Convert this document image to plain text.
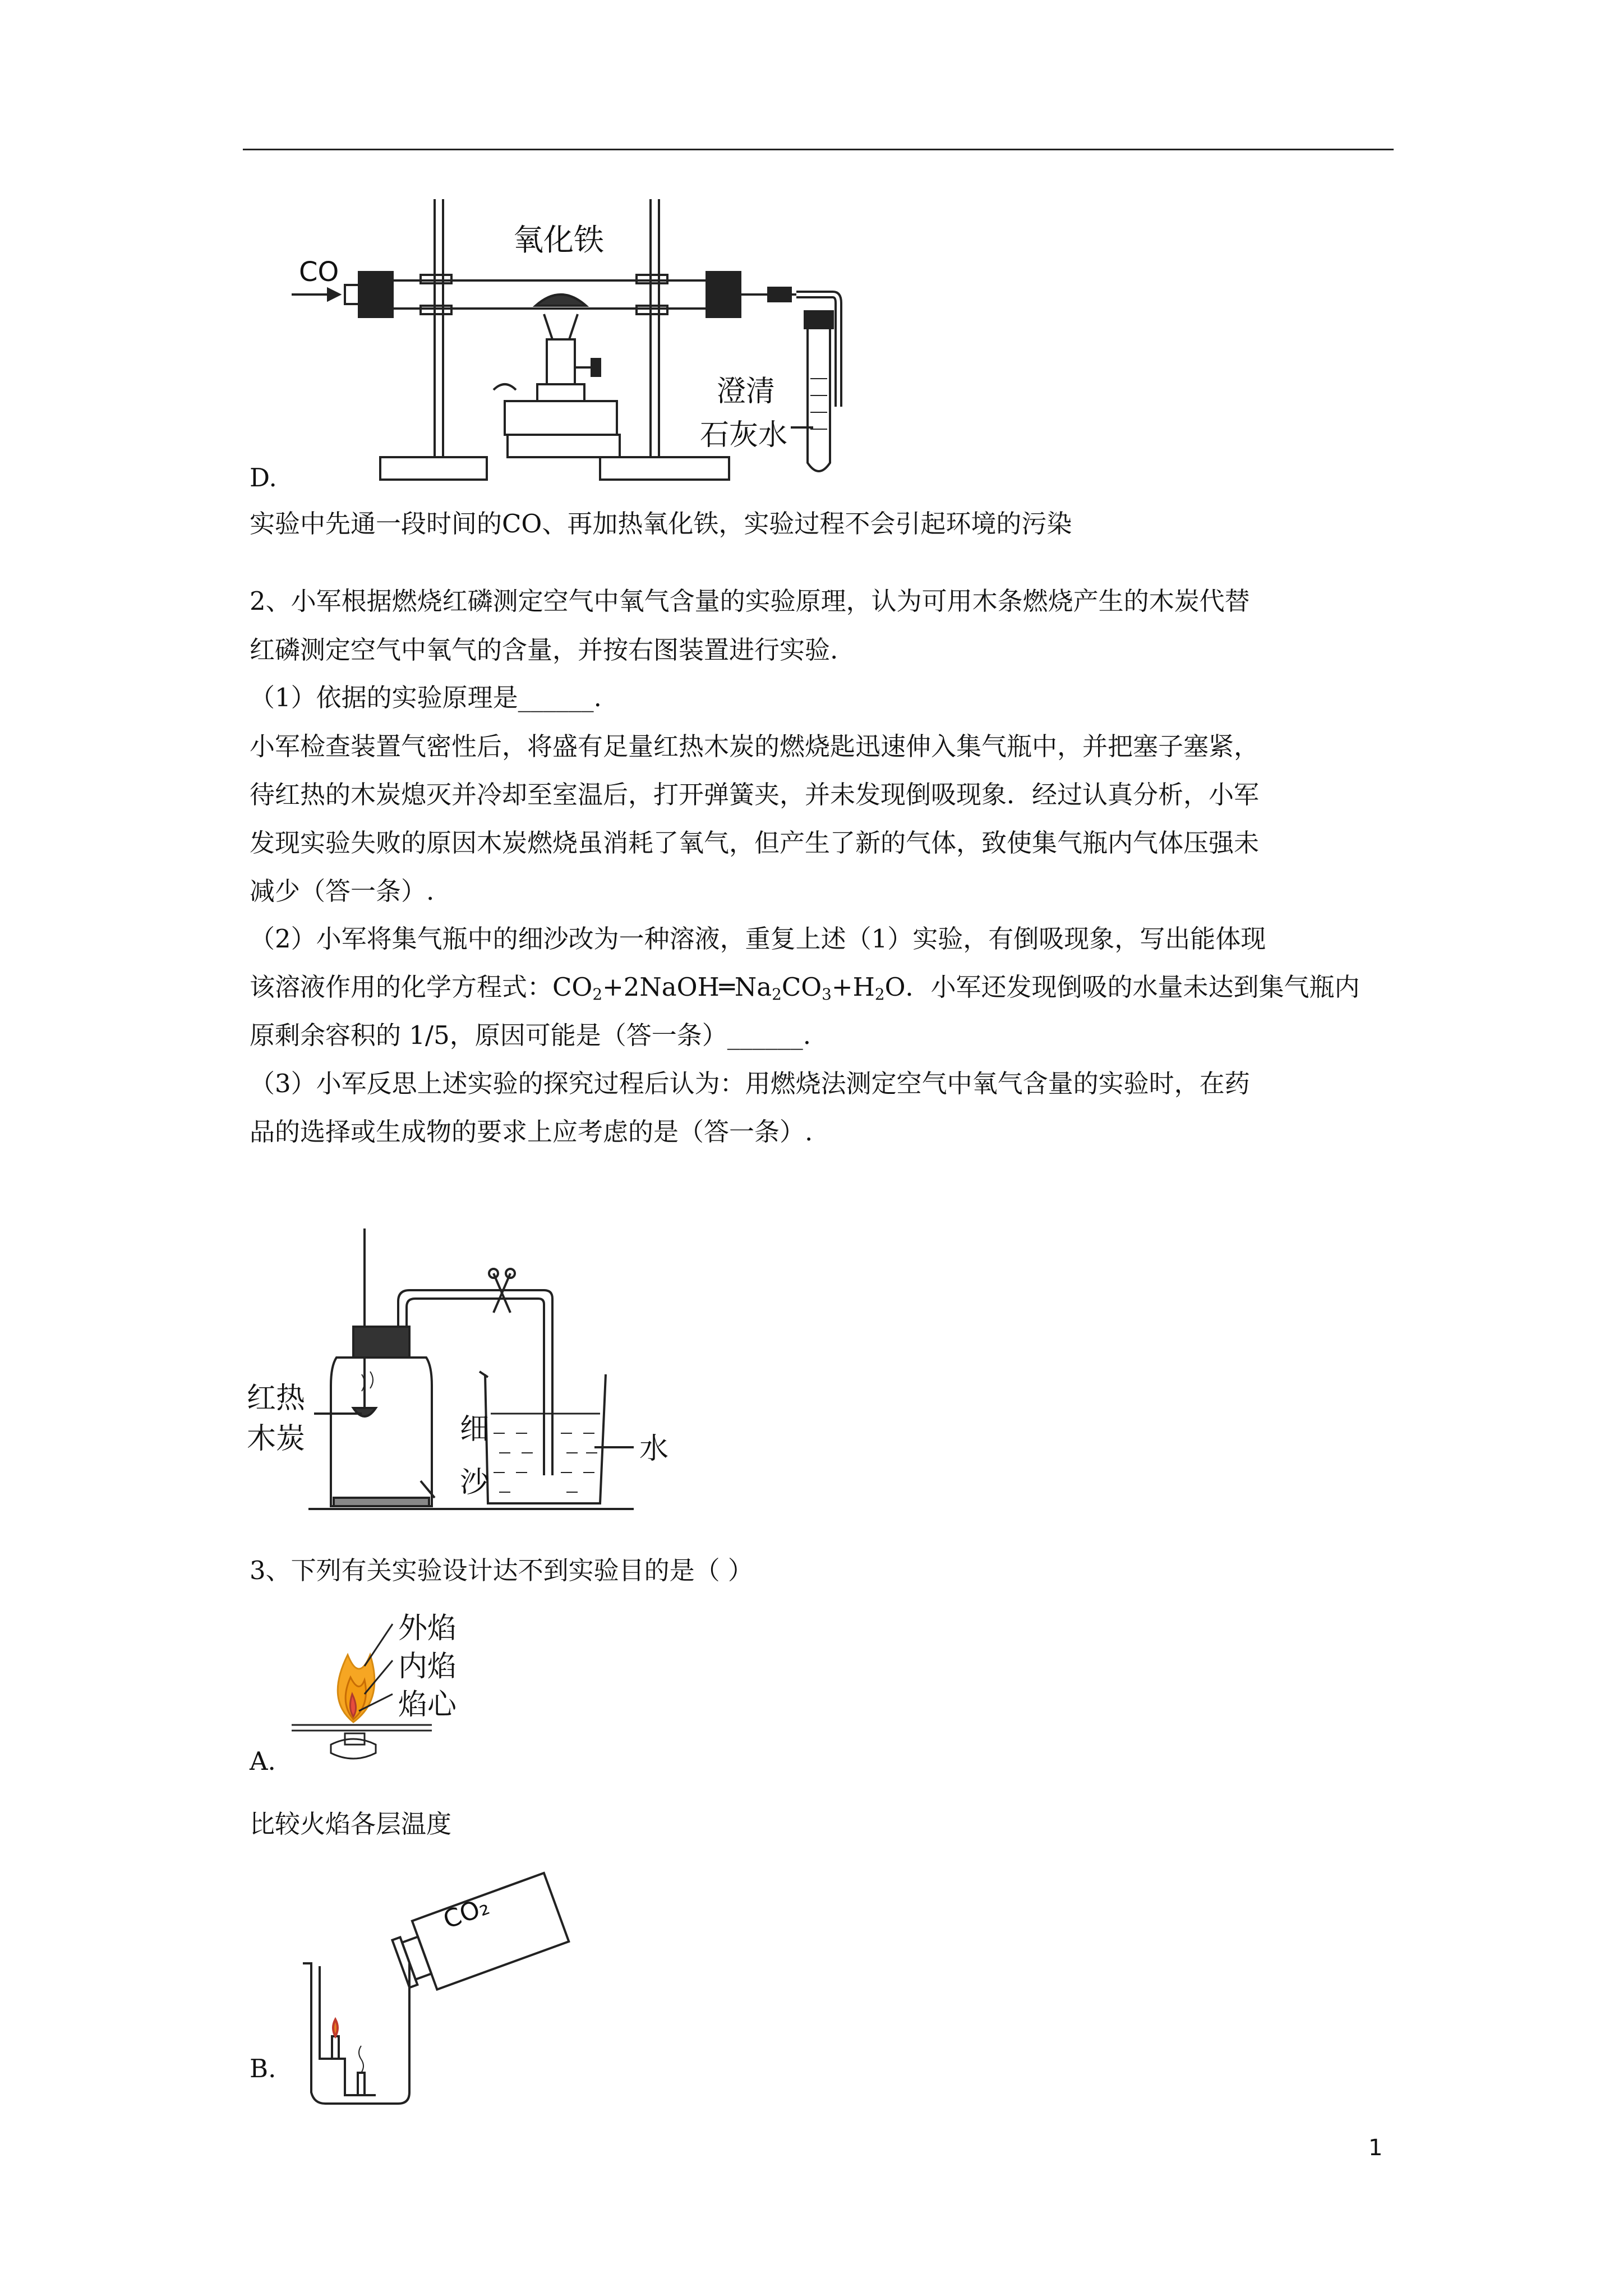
CO
氧化铁
澄清
石灰水
D.
实验中先通一段时间的CO、再加热氧化铁，实验过程不会引起环境的污染
2、小军根据燃烧红磷测定空气中氧气含量的实验原理，认为可用木条燃烧产生的木炭代替
红磷测定空气中氧气的含量，并按右图装置进行实验.
（1）依据的实验原理是______.
小军检查装置气密性后，将盛有足量红热木炭的燃烧匙迅速伸入集气瓶中，并把塞子塞紧，
待红热的木炭熄灭并冷却至室温后，打开弹簧夹，并未发现倒吸现象．经过认真分析，小军
发现实验失败的原因木炭燃烧虽消耗了氧气，但产生了新的气体，致使集气瓶内气体压强未
减少（答一条）.
（2）小军将集气瓶中的细沙改为一种溶液，重复上述（1）实验，有倒吸现象，写出能体现
该溶液作用的化学方程式：$CO_2+2NaOH═Na_2CO_3+H_2O$．小军还发现倒吸的水量未达到集气瓶内
原剩余容积的 1/5，原因可能是（答一条）______.
（3）小军反思上述实验的探究过程后认为：用燃烧法测定空气中氧气含量的实验时，在药
品的选择或生成物的要求上应考虑的是（答一条）.
红热
木炭	细
沙
水
3、下列有关实验设计达不到实验目的是（ ）
外焰
内焰
焰心
A.
比较火焰各层温度
CO₂
B.
1
